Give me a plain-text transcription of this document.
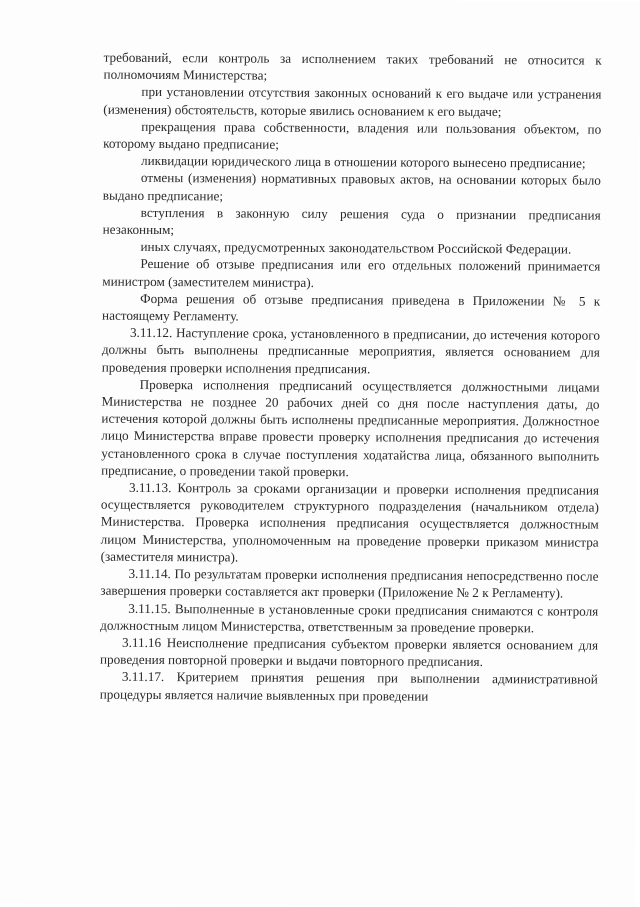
требований, если контроль за исполнением таких требований не относится к полномочиям Министерства;

при установлении отсутствия законных оснований к его выдаче или устранения (изменения) обстоятельств, которые явились основанием к его выдаче;

прекращения права собственности, владения или пользования объектом, по которому выдано предписание;

ликвидации юридического лица в отношении которого вынесено предписание;

отмены (изменения) нормативных правовых актов, на основании которых было выдано предписание;

вступления в законную силу решения суда о признании предписания незаконным;

иных случаях, предусмотренных законодательством Российской Федерации.

Решение об отзыве предписания или его отдельных положений принимается министром (заместителем министра).

Форма решения об отзыве предписания приведена в Приложении № 5 к настоящему Регламенту.

3.11.12. Наступление срока, установленного в предписании, до истечения которого должны быть выполнены предписанные мероприятия, является основанием для проведения проверки исполнения предписания.

Проверка исполнения предписаний осуществляется должностными лицами Министерства не позднее 20 рабочих дней со дня после наступления даты, до истечения которой должны быть исполнены предписанные мероприятия. Должностное лицо Министерства вправе провести проверку исполнения предписания до истечения установленного срока в случае поступления ходатайства лица, обязанного выполнить предписание, о проведении такой проверки.

3.11.13. Контроль за сроками организации и проверки исполнения предписания осуществляется руководителем структурного подразделения (начальником отдела) Министерства. Проверка исполнения предписания осуществляется должностным лицом Министерства, уполномоченным на проведение проверки приказом министра (заместителя министра).

3.11.14. По результатам проверки исполнения предписания непосредственно после завершения проверки составляется акт проверки (Приложение № 2 к Регламенту).

3.11.15. Выполненные в установленные сроки предписания снимаются с контроля должностным лицом Министерства, ответственным за проведение проверки.

3.11.16 Неисполнение предписания субъектом проверки является основанием для проведения повторной проверки и выдачи повторного предписания.

3.11.17. Критерием принятия решения при выполнении административной процедуры является наличие выявленных при проведении
